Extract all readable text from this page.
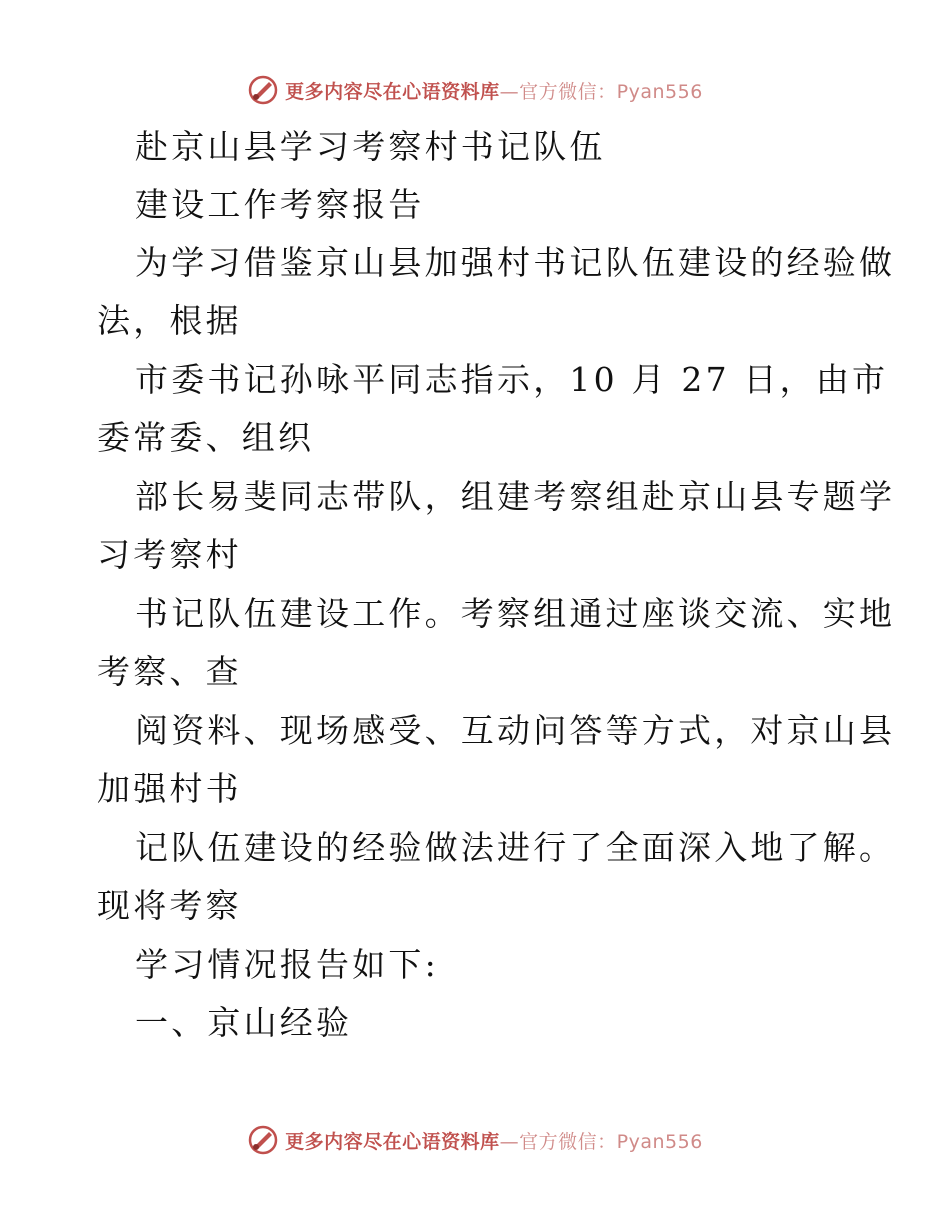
更多内容尽在心语资料库—官方微信：Pyan556
赴京山县学习考察村书记队伍
建设工作考察报告
为学习借鉴京山县加强村书记队伍建设的经验做
法，根据
市委书记孙咏平同志指示，10 月 27 日，由市
委常委、组织
部长易斐同志带队，组建考察组赴京山县专题学
习考察村
书记队伍建设工作。考察组通过座谈交流、实地
考察、查
阅资料、现场感受、互动问答等方式，对京山县
加强村书
记队伍建设的经验做法进行了全面深入地了解。
现将考察
学习情况报告如下:
一、京山经验
更多内容尽在心语资料库—官方微信：Pyan556
